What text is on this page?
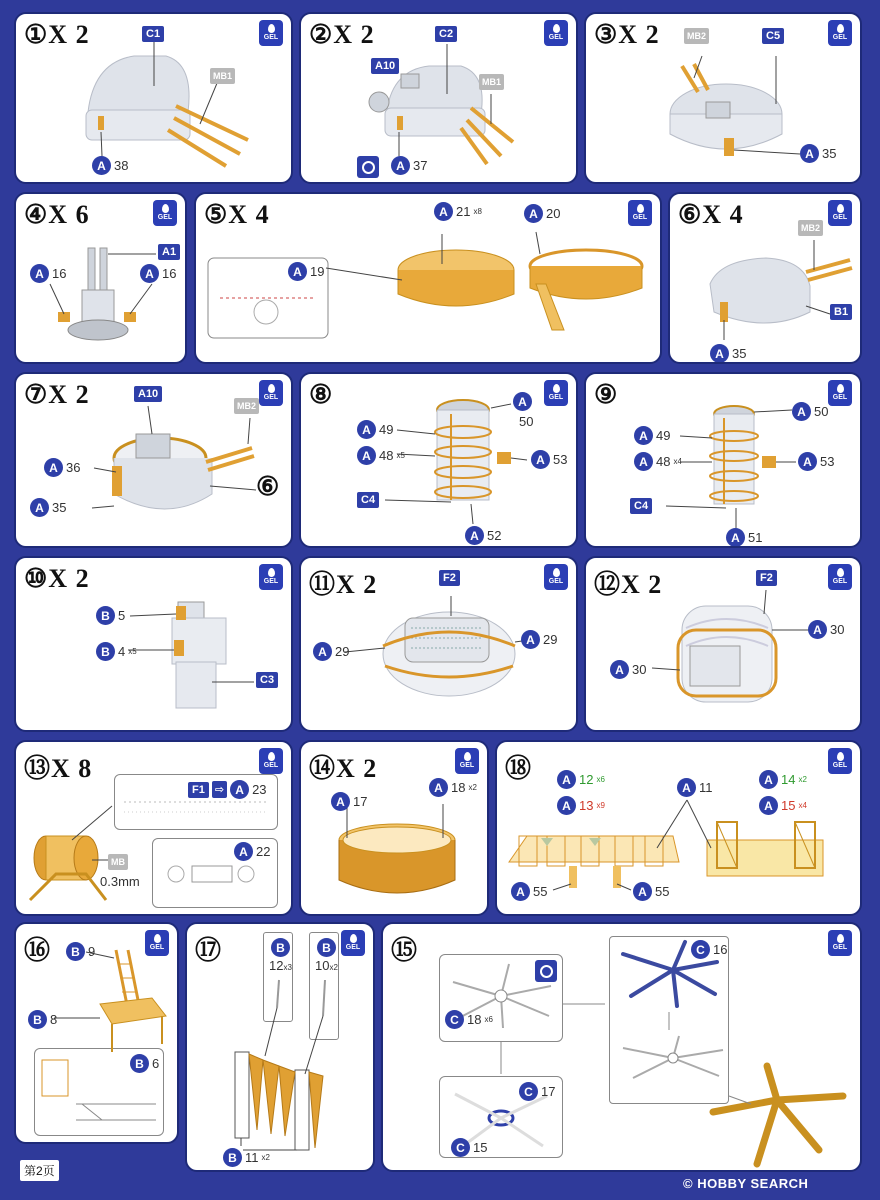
①X 2	GEL
C1
MB1
A 38
②X 2	GEL
A10
C2
MB1
A 37
③X 2	GEL
MB2	C5
A 35
④X 6	GEL
A1
A 16	A 16
⑤X 4	GEL
A 21 x8	A 20
A 19
⑥X 4	GEL
MB2
B1
A 35
⑦X 2	GEL
A10
MB2
A 36
A 35
⑥
⑧	GEL
A 49
A
50
A 48 x5	A 53
C4
A 52
⑨	GEL
A 49
A 50
A 48 x4	A 53
C4
A 51
⑩X 2	GEL
B 5
B 4 x5
C3
⑪X 2	GEL
F2
A 29
A 29
⑫X 2	GEL
F2
A 30
A 30
⑬X 8	GEL
F1 ⇨ A 23
A 22
MB
0.3mm
⑭X 2	GEL
A 17
A 18 x2
⑱	GEL
A 12 x6
A 13 x9
A 11
A 14 x2
A 15 x4
A 55	A 55
⑯	GEL
B 9
B 8
B 6
⑰	GEL
B
12x3
B
10x2
B 11 x2
⑮	GEL
C 18 x6
C 17
C 15
C 16
第2页
© HOBBY SEARCH
